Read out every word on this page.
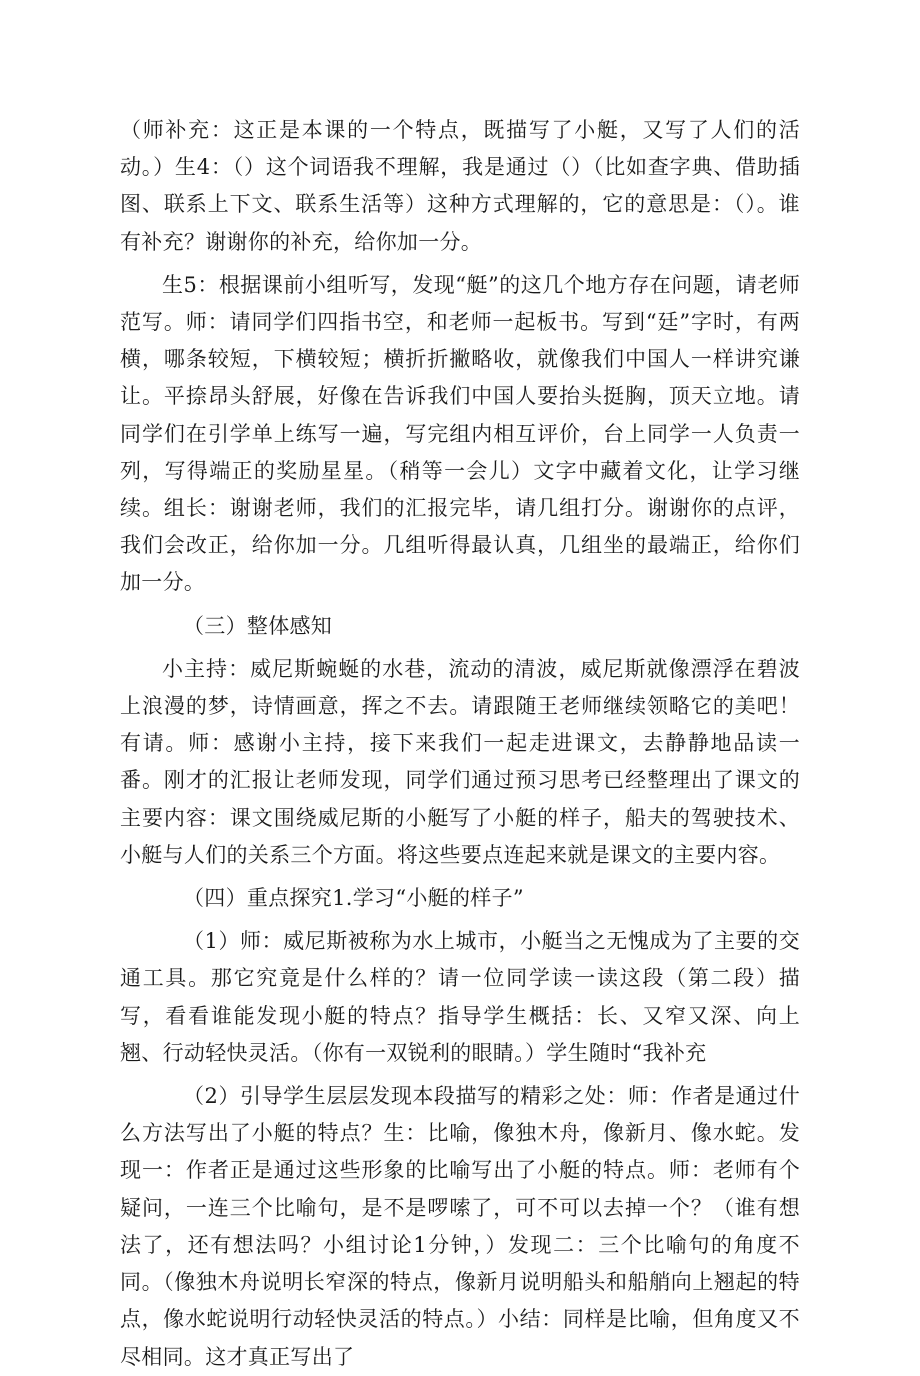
（师补充：这正是本课的一个特点，既描写了小艇，又写了人们的活动。）生4：（）这个词语我不理解，我是通过（）（比如查字典、借助插图、联系上下文、联系生活等）这种方式理解的，它的意思是：（）。谁有补充？谢谢你的补充，给你加一分。

生5：根据课前小组听写，发现“艇”的这几个地方存在问题，请老师范写。师：请同学们四指书空，和老师一起板书。写到“廷”字时，有两横，哪条较短，下横较短；横折折撇略收，就像我们中国人一样讲究谦让。平捺昂头舒展，好像在告诉我们中国人要抬头挺胸，顶天立地。请同学们在引学单上练写一遍，写完组内相互评价，台上同学一人负责一列，写得端正的奖励星星。（稍等一会儿）文字中藏着文化，让学习继续。组长：谢谢老师，我们的汇报完毕，请几组打分。谢谢你的点评，我们会改正，给你加一分。几组听得最认真，几组坐的最端正，给你们加一分。

（三）整体感知

小主持：威尼斯蜿蜒的水巷，流动的清波，威尼斯就像漂浮在碧波上浪漫的梦，诗情画意，挥之不去。请跟随王老师继续领略它的美吧！有请。师：感谢小主持，接下来我们一起走进课文，去静静地品读一番。刚才的汇报让老师发现，同学们通过预习思考已经整理出了课文的主要内容：课文围绕威尼斯的小艇写了小艇的样子，船夫的驾驶技术、小艇与人们的关系三个方面。将这些要点连起来就是课文的主要内容。

（四）重点探究1.学习“小艇的样子”

（1）师：威尼斯被称为水上城市，小艇当之无愧成为了主要的交通工具。那它究竟是什么样的？请一位同学读一读这段（第二段）描写，看看谁能发现小艇的特点？指导学生概括：长、又窄又深、向上翘、行动轻快灵活。（你有一双锐利的眼睛。）学生随时“我补充

（2）引导学生层层发现本段描写的精彩之处：师：作者是通过什么方法写出了小艇的特点？生：比喻，像独木舟，像新月、像水蛇。发现一：作者正是通过这些形象的比喻写出了小艇的特点。师：老师有个疑问，一连三个比喻句，是不是啰嗦了，可不可以去掉一个？（谁有想法了，还有想法吗？小组讨论1分钟，）发现二：三个比喻句的角度不同。（像独木舟说明长窄深的特点，像新月说明船头和船艄向上翘起的特点，像水蛇说明行动轻快灵活的特点。）小结：同样是比喻，但角度又不尽相同。这才真正写出了
